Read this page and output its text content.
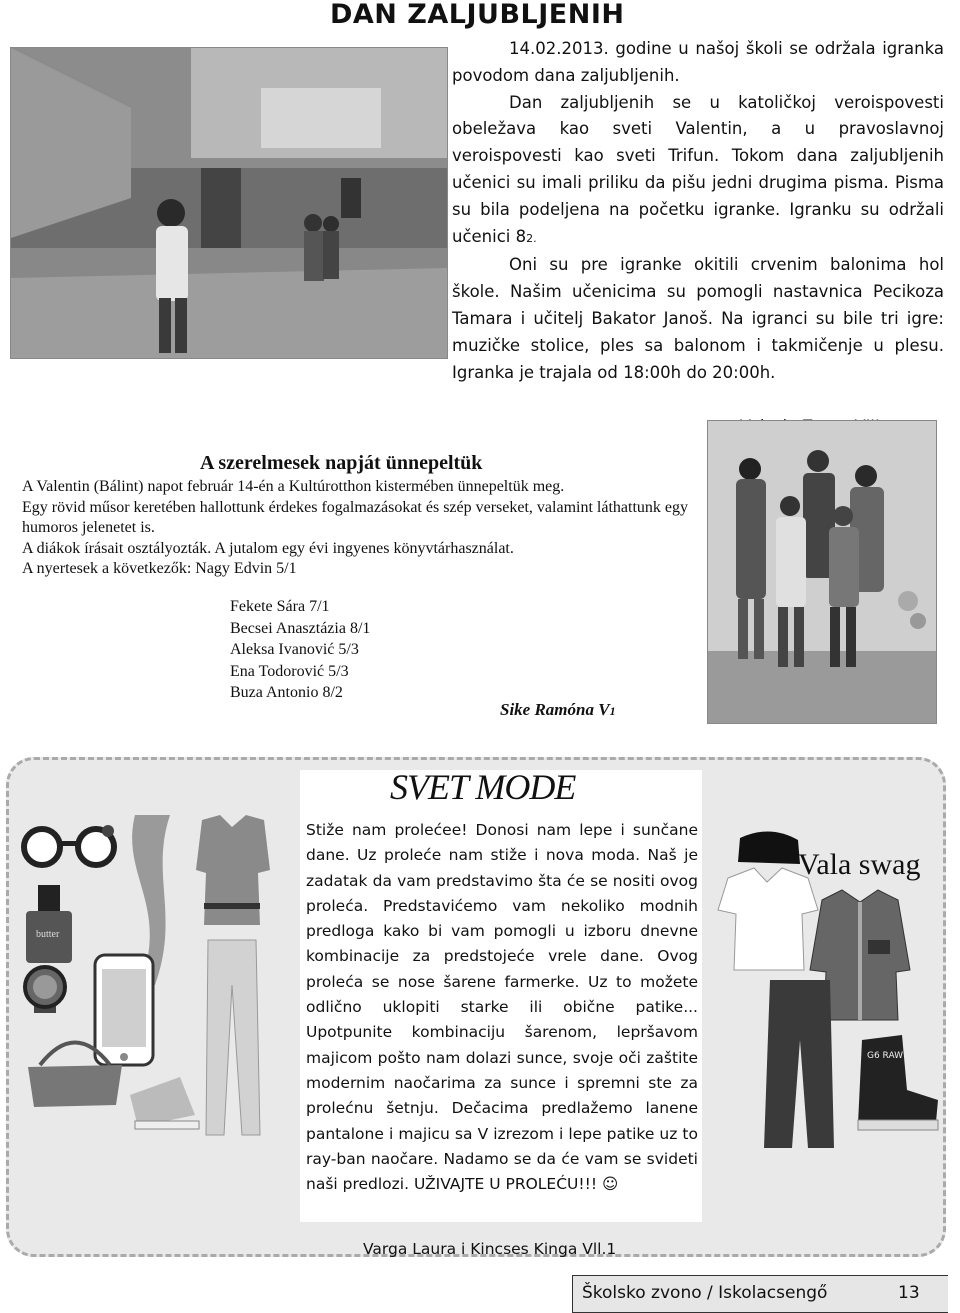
DAN ZALJUBLJENIH

14.02.2013. godine u našoj školi se održala igranka povodom dana zaljubljenih.

Dan zaljubljenih se u katoličkoj veroispovesti obeležava kao sveti Valentin, a u pravoslavnoj veroispovesti kao sveti Trifun. Tokom dana zaljubljenih učenici su imali priliku da pišu jedni drugima pisma. Pisma su bila podeljena na početku igranke. Igranku su održali učenici 82.

Oni su pre igranke okitili crvenim balonima hol škole. Našim učenicima su pomogli nastavnica Pecikoza Tamara i učitelj Bakator Janoš. Na igranci su bile tri igre: muzičke stolice, ples sa balonom i takmičenje u plesu. Igranka je trajala od 18:00h do 20:00h.

A szerelmesek napját ünnepeltük

A Valentin (Bálint) napot február 14-én a Kultúrotthon kistermében ünnepeltük meg.

Egy rövid műsor keretében hallottunk érdekes fogalmazásokat és szép verseket, valamint láthattunk egy humoros jelenetet is.

A diákok írásait osztályozták. A jutalom egy évi ingyenes könyvtárhasználat.

A nyertesek a következők: Nagy Edvin 5/1

Fekete Sára 7/1
Becsei Anasztázia 8/1
Aleksa Ivanović 5/3
Ena Todorović 5/3
Buza Antonio 8/2
Sike Ramóna V1
SVET MODE
butter
G6 RAW
Vala swag

Stiže nam prolećee! Donosi nam lepe i sunčane dane. Uz proleće nam stiže i nova moda. Naš je zadatak da vam predstavimo šta će se nositi ovog proleća. Predstavićemo vam nekoliko modnih predloga kako bi vam pomogli u izboru dnevne kombinacije za predstojeće vrele dane. Ovog proleća se nose šarene farmerke. Uz to možete odlično uklopiti starke ili obične patike... Upotpunite kombinaciju šarenom, lepršavom majicom pošto nam dolazi sunce, svoje oči zaštite modernim naočarima za sunce i spremni ste za prolećnu šetnju. Dečacima predlažemo lanene pantalone i majicu sa V izrezom i lepe patike uz to ray-ban naočare. Nadamo se da će vam se svideti naši predlozi. UŽIVAJTE U PROLEĆU!!! ☺

Varga Laura i Kincses Kinga Vll.1
Školsko zvono / Iskolacsengő	13
